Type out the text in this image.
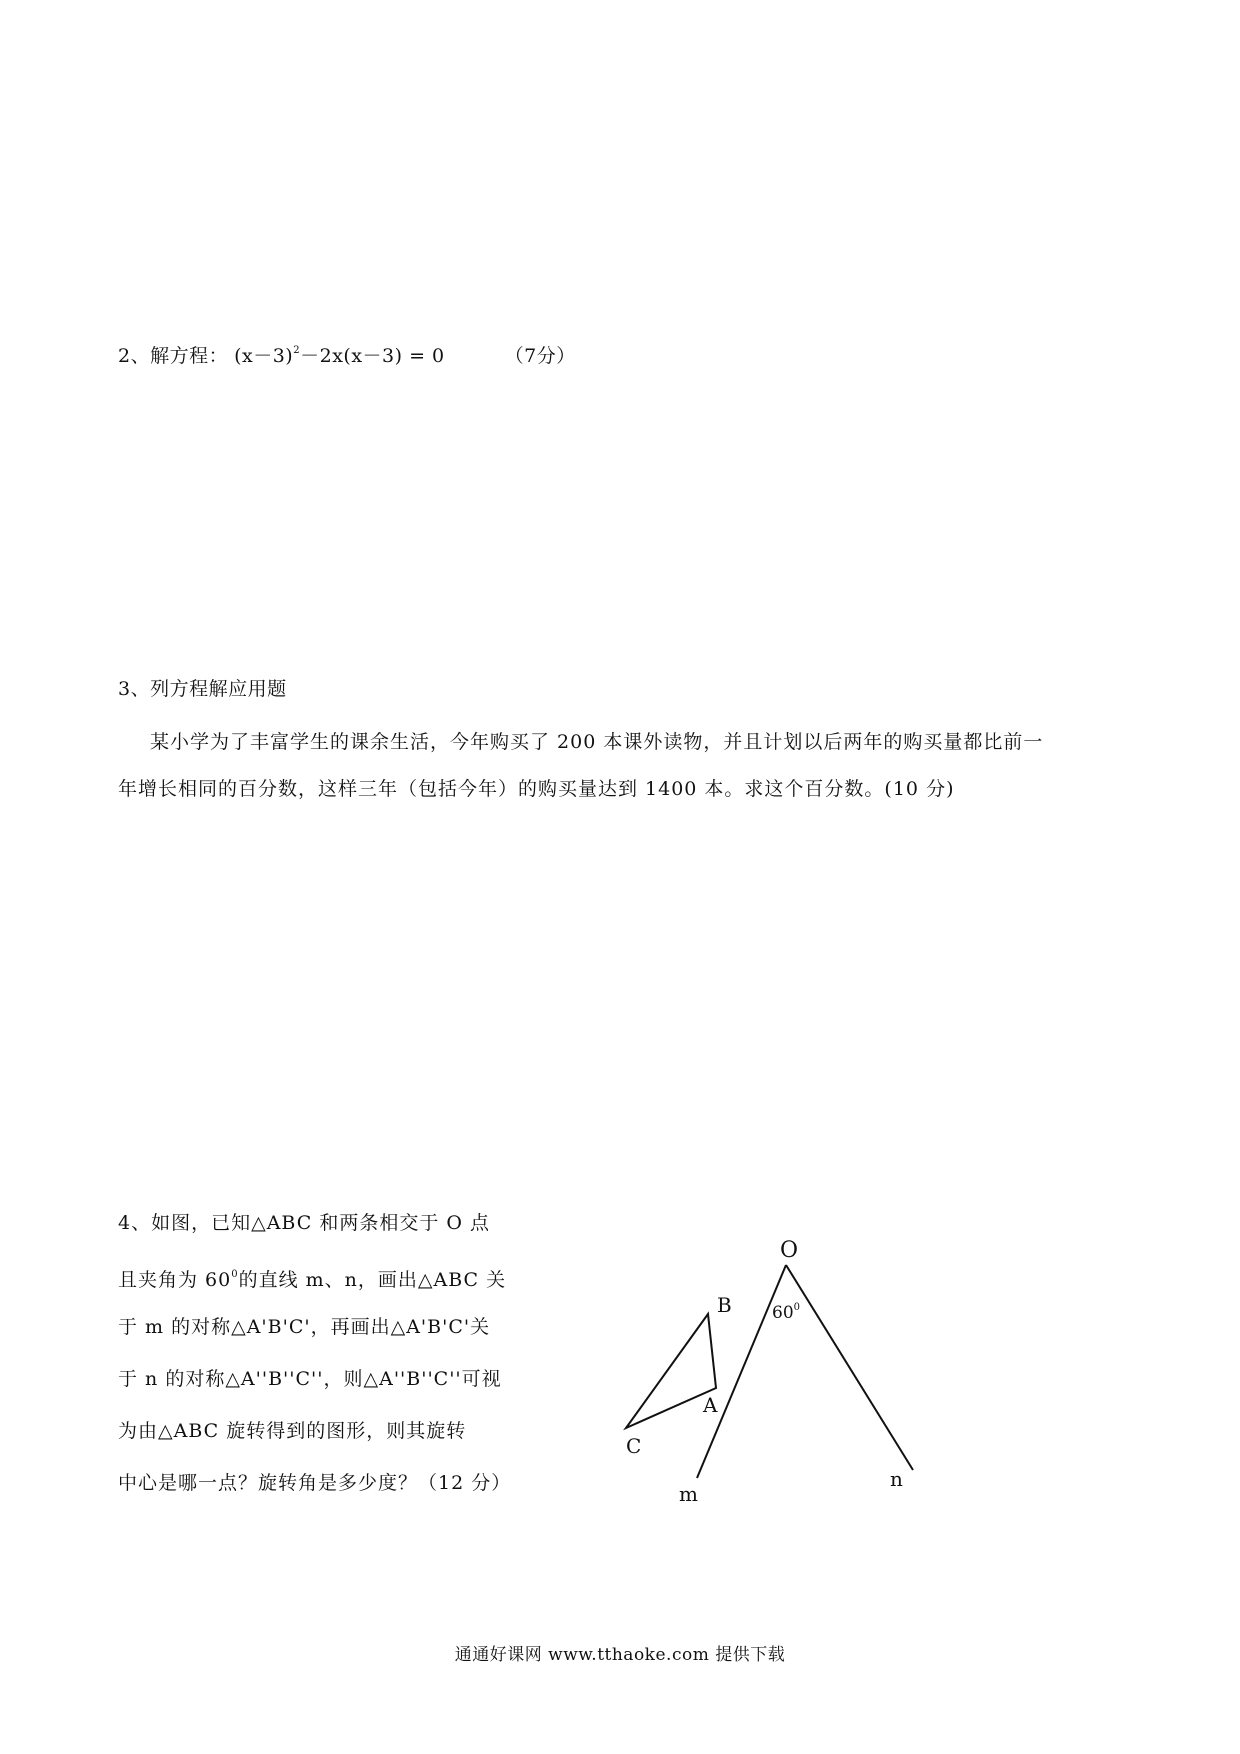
2、解方程： $(x-3)^2-2x(x-3) = 0$	（7分）

3、列方程解应用题

某小学为了丰富学生的课余生活，今年购买了 200 本课外读物，并且计划以后两年的购买量都比前一

年增长相同的百分数，这样三年（包括今年）的购买量达到 1400 本。求这个百分数。(10 分)

4、如图，已知△ABC 和两条相交于 O 点

且夹角为 $60^0$的直线 m、n，画出△ABC 关

于 m 的对称△A'B'C'，再画出△A'B'C'关

于 n 的对称△A''B''C''，则△A''B''C''可视

为由△ABC 旋转得到的图形，则其旋转

中心是哪一点？旋转角是多少度？（12 分）

O
B
A
C
m
n
$60^0$
通通好课网 www.tthaoke.com 提供下载
